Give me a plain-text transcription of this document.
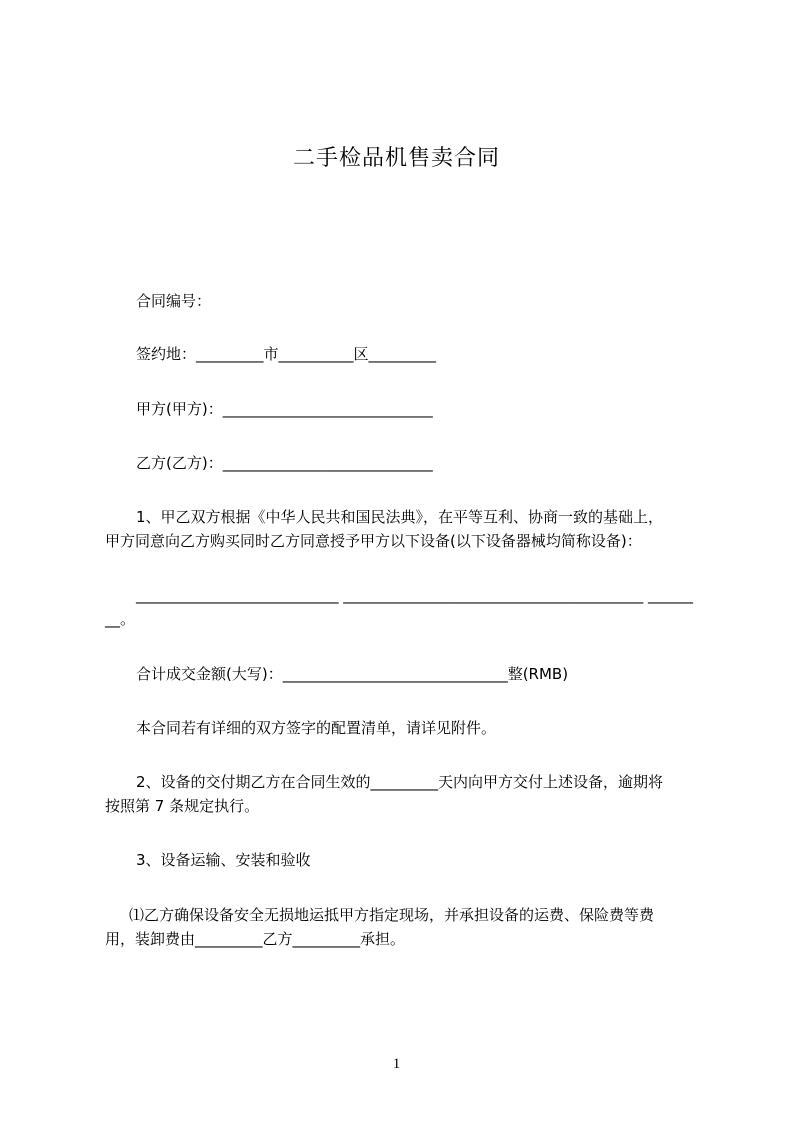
二手检品机售卖合同
合同编号：
签约地：_________市__________区_________
甲方(甲方)：____________________________
乙方(乙方)：____________________________
1、甲乙双方根据《中华人民共和国民法典》，在平等互利、协商一致的基础上，
甲方同意向乙方购买同时乙方同意授予甲方以下设备(以下设备器械均简称设备)：
___________________________ ________________________________________ ______
__。
合计成交金额(大写)：______________________________整(RMB)
本合同若有详细的双方签字的配置清单，请详见附件。
2、设备的交付期乙方在合同生效的_________天内向甲方交付上述设备，逾期将
按照第 7 条规定执行。
3、设备运输、安装和验收
⑴乙方确保设备安全无损地运抵甲方指定现场，并承担设备的运费、保险费等费
用，装卸费由_________乙方_________承担。
1
